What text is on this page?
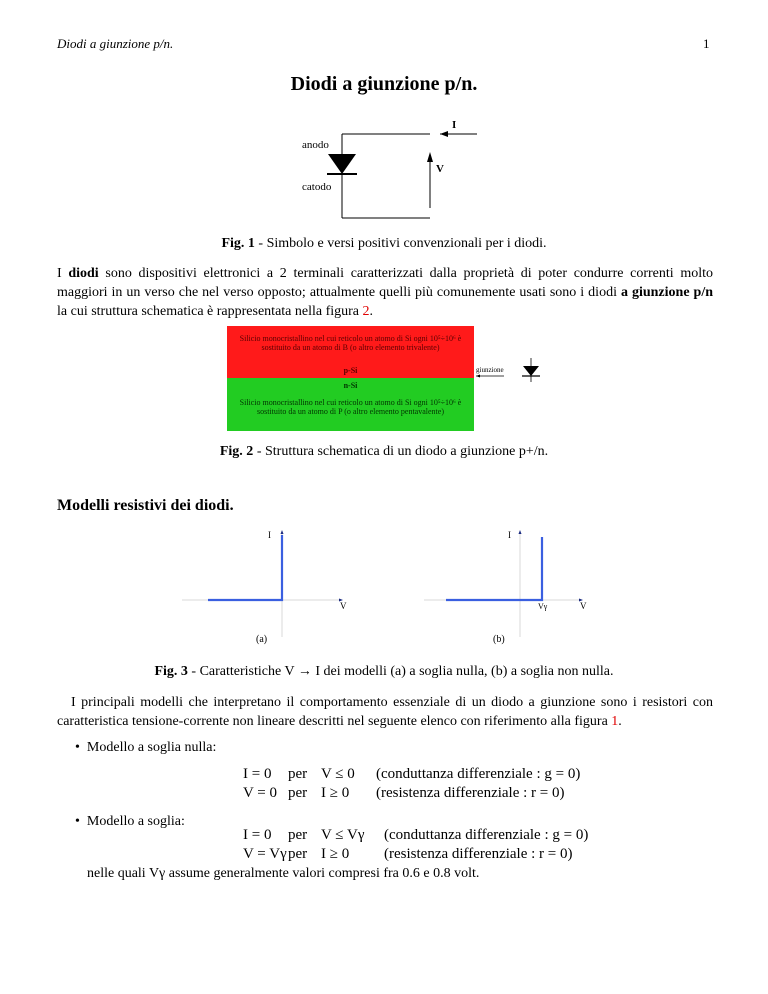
Diodi a giunzione p/n.	1
Diodi a giunzione p/n.
I
anodo
V
catodo
Fig. 1 - Simbolo e versi positivi convenzionali per i diodi.
I diodi sono dispositivi elettronici a 2 terminali caratterizzati dalla proprietà di poter condurre correnti molto maggiori in un verso che nel verso opposto; attualmente quelli più comunemente usati sono i diodi a giunzione p/n la cui struttura schematica è rappresentata nella figura 2.
Silicio monocristallino nel cui reticolo un atomo di Si ogni 10⁵÷10⁶ è sostituito da un atomo di B (o altro elemento trivalente)
p-Si
n-Si
Silicio monocristallino nel cui reticolo un atomo di Si ogni 10⁵÷10⁶ è sostituito da un atomo di P (o altro elemento pentavalente)
giunzione
Fig. 2 - Struttura schematica di un diodo a giunzione p+/n.
Modelli resistivi dei diodi.
I
V
(a)
I
Vγ	V
(b)
Fig. 3 - Caratteristiche V → I dei modelli (a) a soglia nulla, (b) a soglia non nulla.
I principali modelli che interpretano il comportamento essenziale di un diodo a giunzione sono i resistori con caratteristica tensione-corrente non lineare descritti nel seguente elenco con riferimento alla figura 1.
• Modello a soglia nulla:
I = 0 per V ≤ 0 (conduttanza differenziale : g = 0)
V = 0 per I ≥ 0 (resistenza differenziale : r = 0)
• Modello a soglia:
I = 0 per V ≤ Vγ (conduttanza differenziale : g = 0)
V = Vγper I ≥ 0 (resistenza differenziale : r = 0)
nelle quali Vγ assume generalmente valori compresi fra 0.6 e 0.8 volt.
